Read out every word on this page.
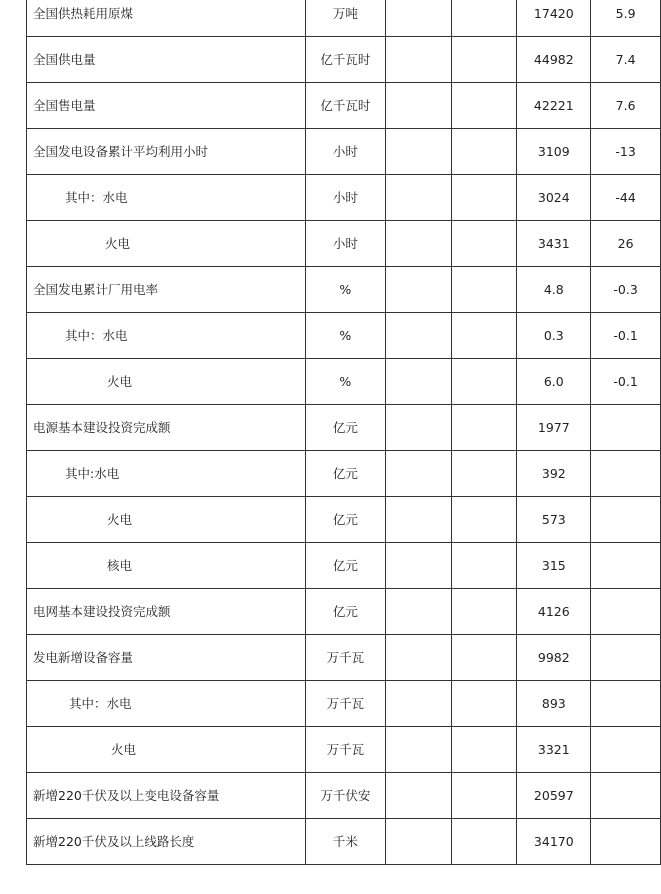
全国供热耗用原煤	万吨			17420	5.9
全国供电量	亿千瓦时			44982	7.4
全国售电量	亿千瓦时			42221	7.6
全国发电设备累计平均利用小时	小时			3109	-13
其中：水电	小时			3024	-44
火电	小时			3431	26
全国发电累计厂用电率	%			4.8	-0.3
其中：水电	%			0.3	-0.1
火电	%			6.0	-0.1
电源基本建设投资完成额	亿元			1977	
其中:水电	亿元			392	
火电	亿元			573	
核电	亿元			315	
电网基本建设投资完成额	亿元			4126	
发电新增设备容量	万千瓦			9982	
其中：水电	万千瓦			893	
火电	万千瓦			3321	
新增220千伏及以上变电设备容量	万千伏安			20597	
新增220千伏及以上线路长度	千米			34170	
